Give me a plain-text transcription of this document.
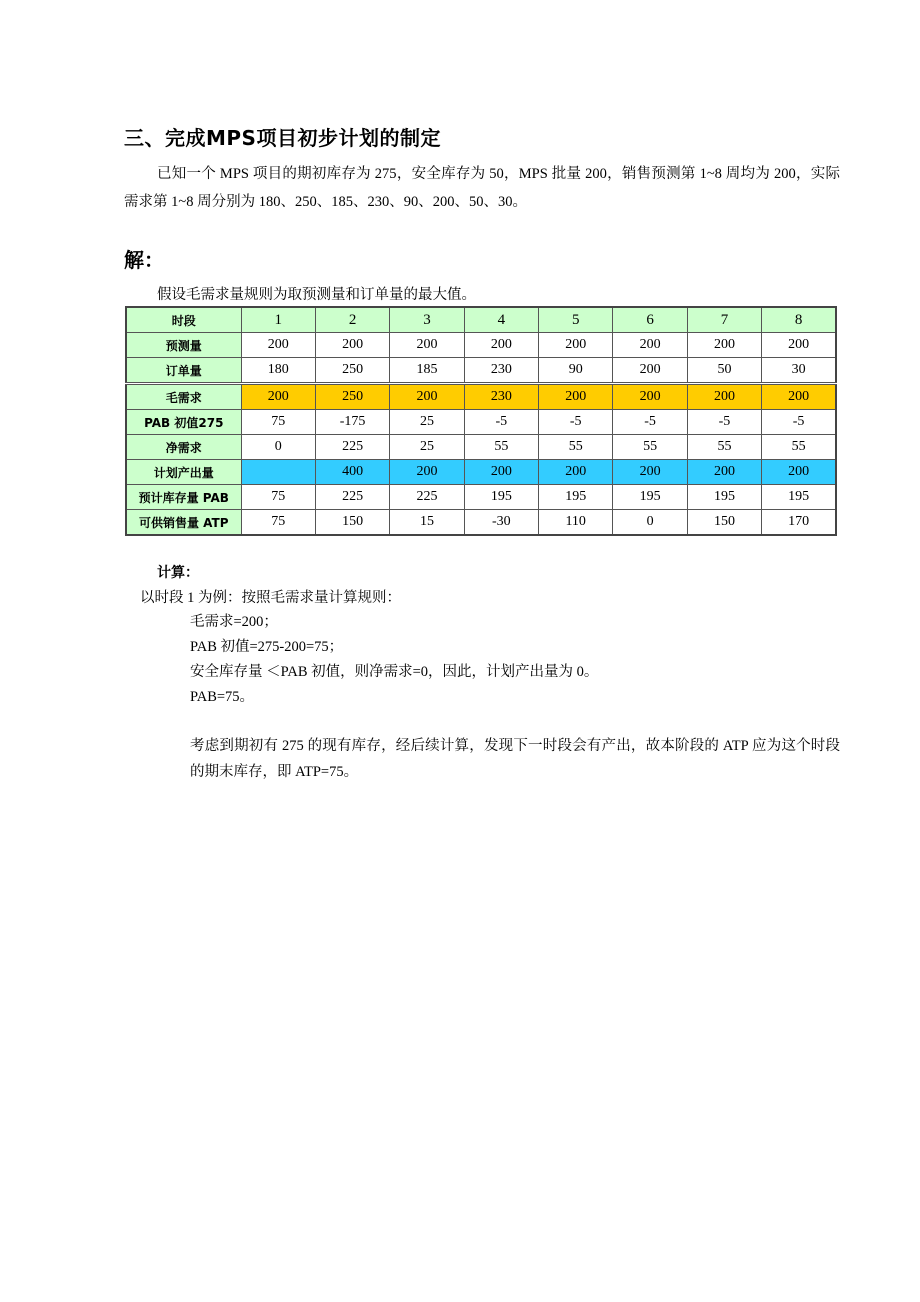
三、完成MPS项目初步计划的制定
已知一个 MPS 项目的期初库存为 275，安全库存为 50，MPS 批量 200，销售预测第 1~8 周均为 200，实际需求第 1~8 周分别为 180、250、185、230、90、200、50、30。
解：
假设毛需求量规则为取预测量和订单量的最大值。
时段	1	2	3	4	5	6	7	8
预测量	200	200	200	200	200	200	200	200
订单量	180	250	185	230	90	200	50	30
毛需求	200	250	200	230	200	200	200	200
PAB 初值275	75	-175	25	-5	-5	-5	-5	-5
净需求	0	225	25	55	55	55	55	55
计划产出量		400	200	200	200	200	200	200
预计库存量 PAB	75	225	225	195	195	195	195	195
可供销售量 ATP	75	150	15	-30	110	0	150	170
计算：
以时段 1 为例：按照毛需求量计算规则：
毛需求=200；
PAB 初值=275-200=75；
安全库存量 ＜PAB 初值，则净需求=0，因此，计划产出量为 0。
PAB=75。
考虑到期初有 275 的现有库存，经后续计算，发现下一时段会有产出，故本阶段的 ATP 应为这个时段的期末库存，即 ATP=75。
